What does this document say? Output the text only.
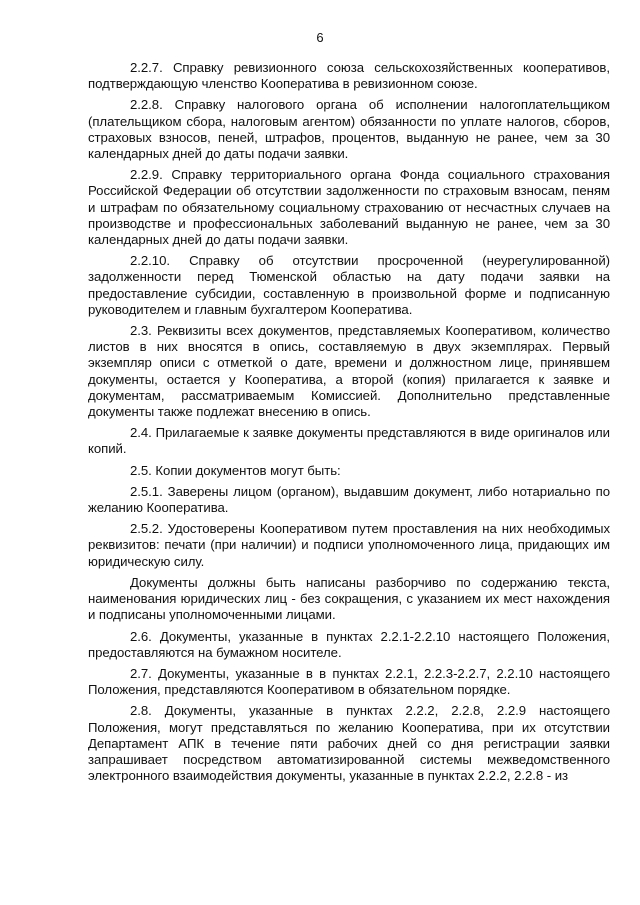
6

2.2.7. Справку ревизионного союза сельскохозяйственных кооперативов, подтверждающую членство Кооператива в ревизионном союзе.

2.2.8. Справку налогового органа об исполнении налогоплательщиком (плательщиком сбора, налоговым агентом) обязанности по уплате налогов, сборов, страховых взносов, пеней, штрафов, процентов, выданную не ранее, чем за 30 календарных дней до даты подачи заявки.

2.2.9. Справку территориального органа Фонда социального страхования Российской Федерации об отсутствии задолженности по страховым взносам, пеням и штрафам по обязательному социальному страхованию от несчастных случаев на производстве и профессиональных заболеваний выданную не ранее, чем за 30 календарных дней до даты подачи заявки.

2.2.10. Справку об отсутствии просроченной (неурегулированной) задолженности перед Тюменской областью на дату подачи заявки на предоставление субсидии, составленную в произвольной форме и подписанную руководителем и главным бухгалтером Кооператива.

2.3. Реквизиты всех документов, представляемых Кооперативом, количество листов в них вносятся в опись, составляемую в двух экземплярах. Первый экземпляр описи с отметкой о дате, времени и должностном лице, принявшем документы, остается у Кооператива, а второй (копия) прилагается к заявке и документам, рассматриваемым Комиссией. Дополнительно представленные документы также подлежат внесению в опись.

2.4. Прилагаемые к заявке документы представляются в виде оригиналов или копий.

2.5. Копии документов могут быть:

2.5.1. Заверены лицом (органом), выдавшим документ, либо нотариально по желанию Кооператива.

2.5.2. Удостоверены Кооперативом путем проставления на них необходимых реквизитов: печати (при наличии) и подписи уполномоченного лица, придающих им юридическую силу.

Документы должны быть написаны разборчиво по содержанию текста, наименования юридических лиц - без сокращения, с указанием их мест нахождения и подписаны уполномоченными лицами.

2.6. Документы, указанные в пунктах 2.2.1-2.2.10 настоящего Положения, предоставляются на бумажном носителе.

2.7. Документы, указанные в в пунктах 2.2.1, 2.2.3-2.2.7, 2.2.10 настоящего Положения, представляются Кооперативом в обязательном порядке.

2.8. Документы, указанные в пунктах 2.2.2, 2.2.8, 2.2.9 настоящего Положения, могут представляться по желанию Кооператива, при их отсутствии Департамент АПК в течение пяти рабочих дней со дня регистрации заявки запрашивает посредством автоматизированной системы межведомственного электронного взаимодействия документы, указанные в пунктах 2.2.2, 2.2.8 - из
